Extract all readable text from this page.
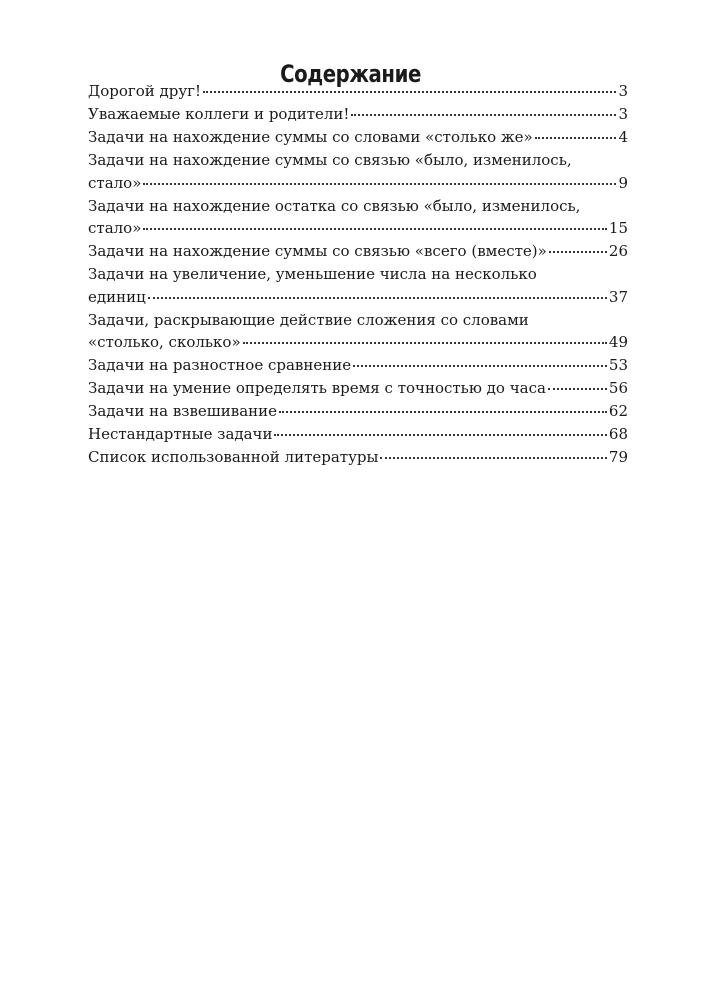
Содержание
Дорогой друг!	3
Уважаемые коллеги и родители!	3
Задачи на нахождение суммы со словами «столько же»	4
Задачи на нахождение суммы со связью «было, изменилось,
стало»	9
Задачи на нахождение остатка со связью «было, изменилось,
стало»	15
Задачи на нахождение суммы со связью «всего (вместе)»	26
Задачи на увеличение, уменьшение числа на несколько
единиц	37
Задачи, раскрывающие действие сложения со словами
«столько, сколько»	49
Задачи на разностное сравнение	53
Задачи на умение определять время с точностью до часа	56
Задачи на взвешивание	62
Нестандартные задачи	68
Список использованной литературы	79
